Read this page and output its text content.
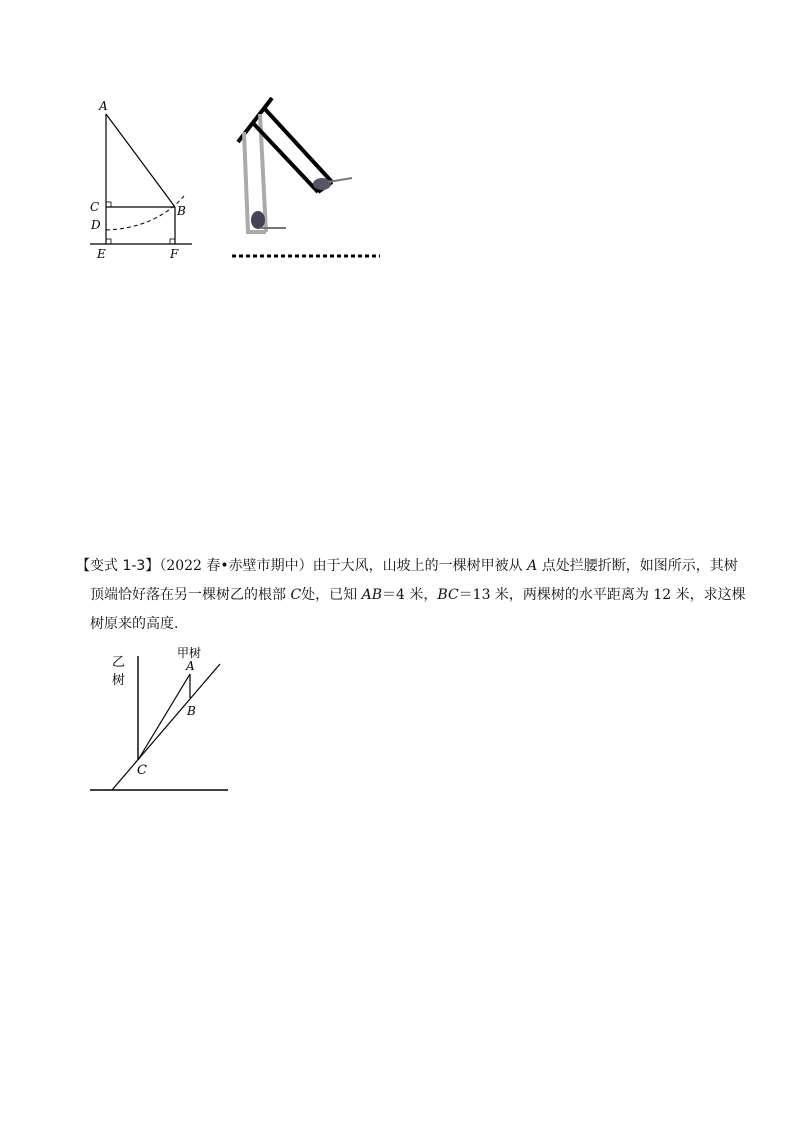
A
C	B
D
E	F
【变式 1-3】（2022 春•赤壁市期中）由于大风，山坡上的一棵树甲被从 A 点处拦腰折断，如图所示，其树
顶端恰好落在另一棵树乙的根部 C处，已知 AB＝4 米，BC＝13 米，两棵树的水平距离为 12 米，求这棵
树原来的高度．
乙
树
甲树
A
B
C
